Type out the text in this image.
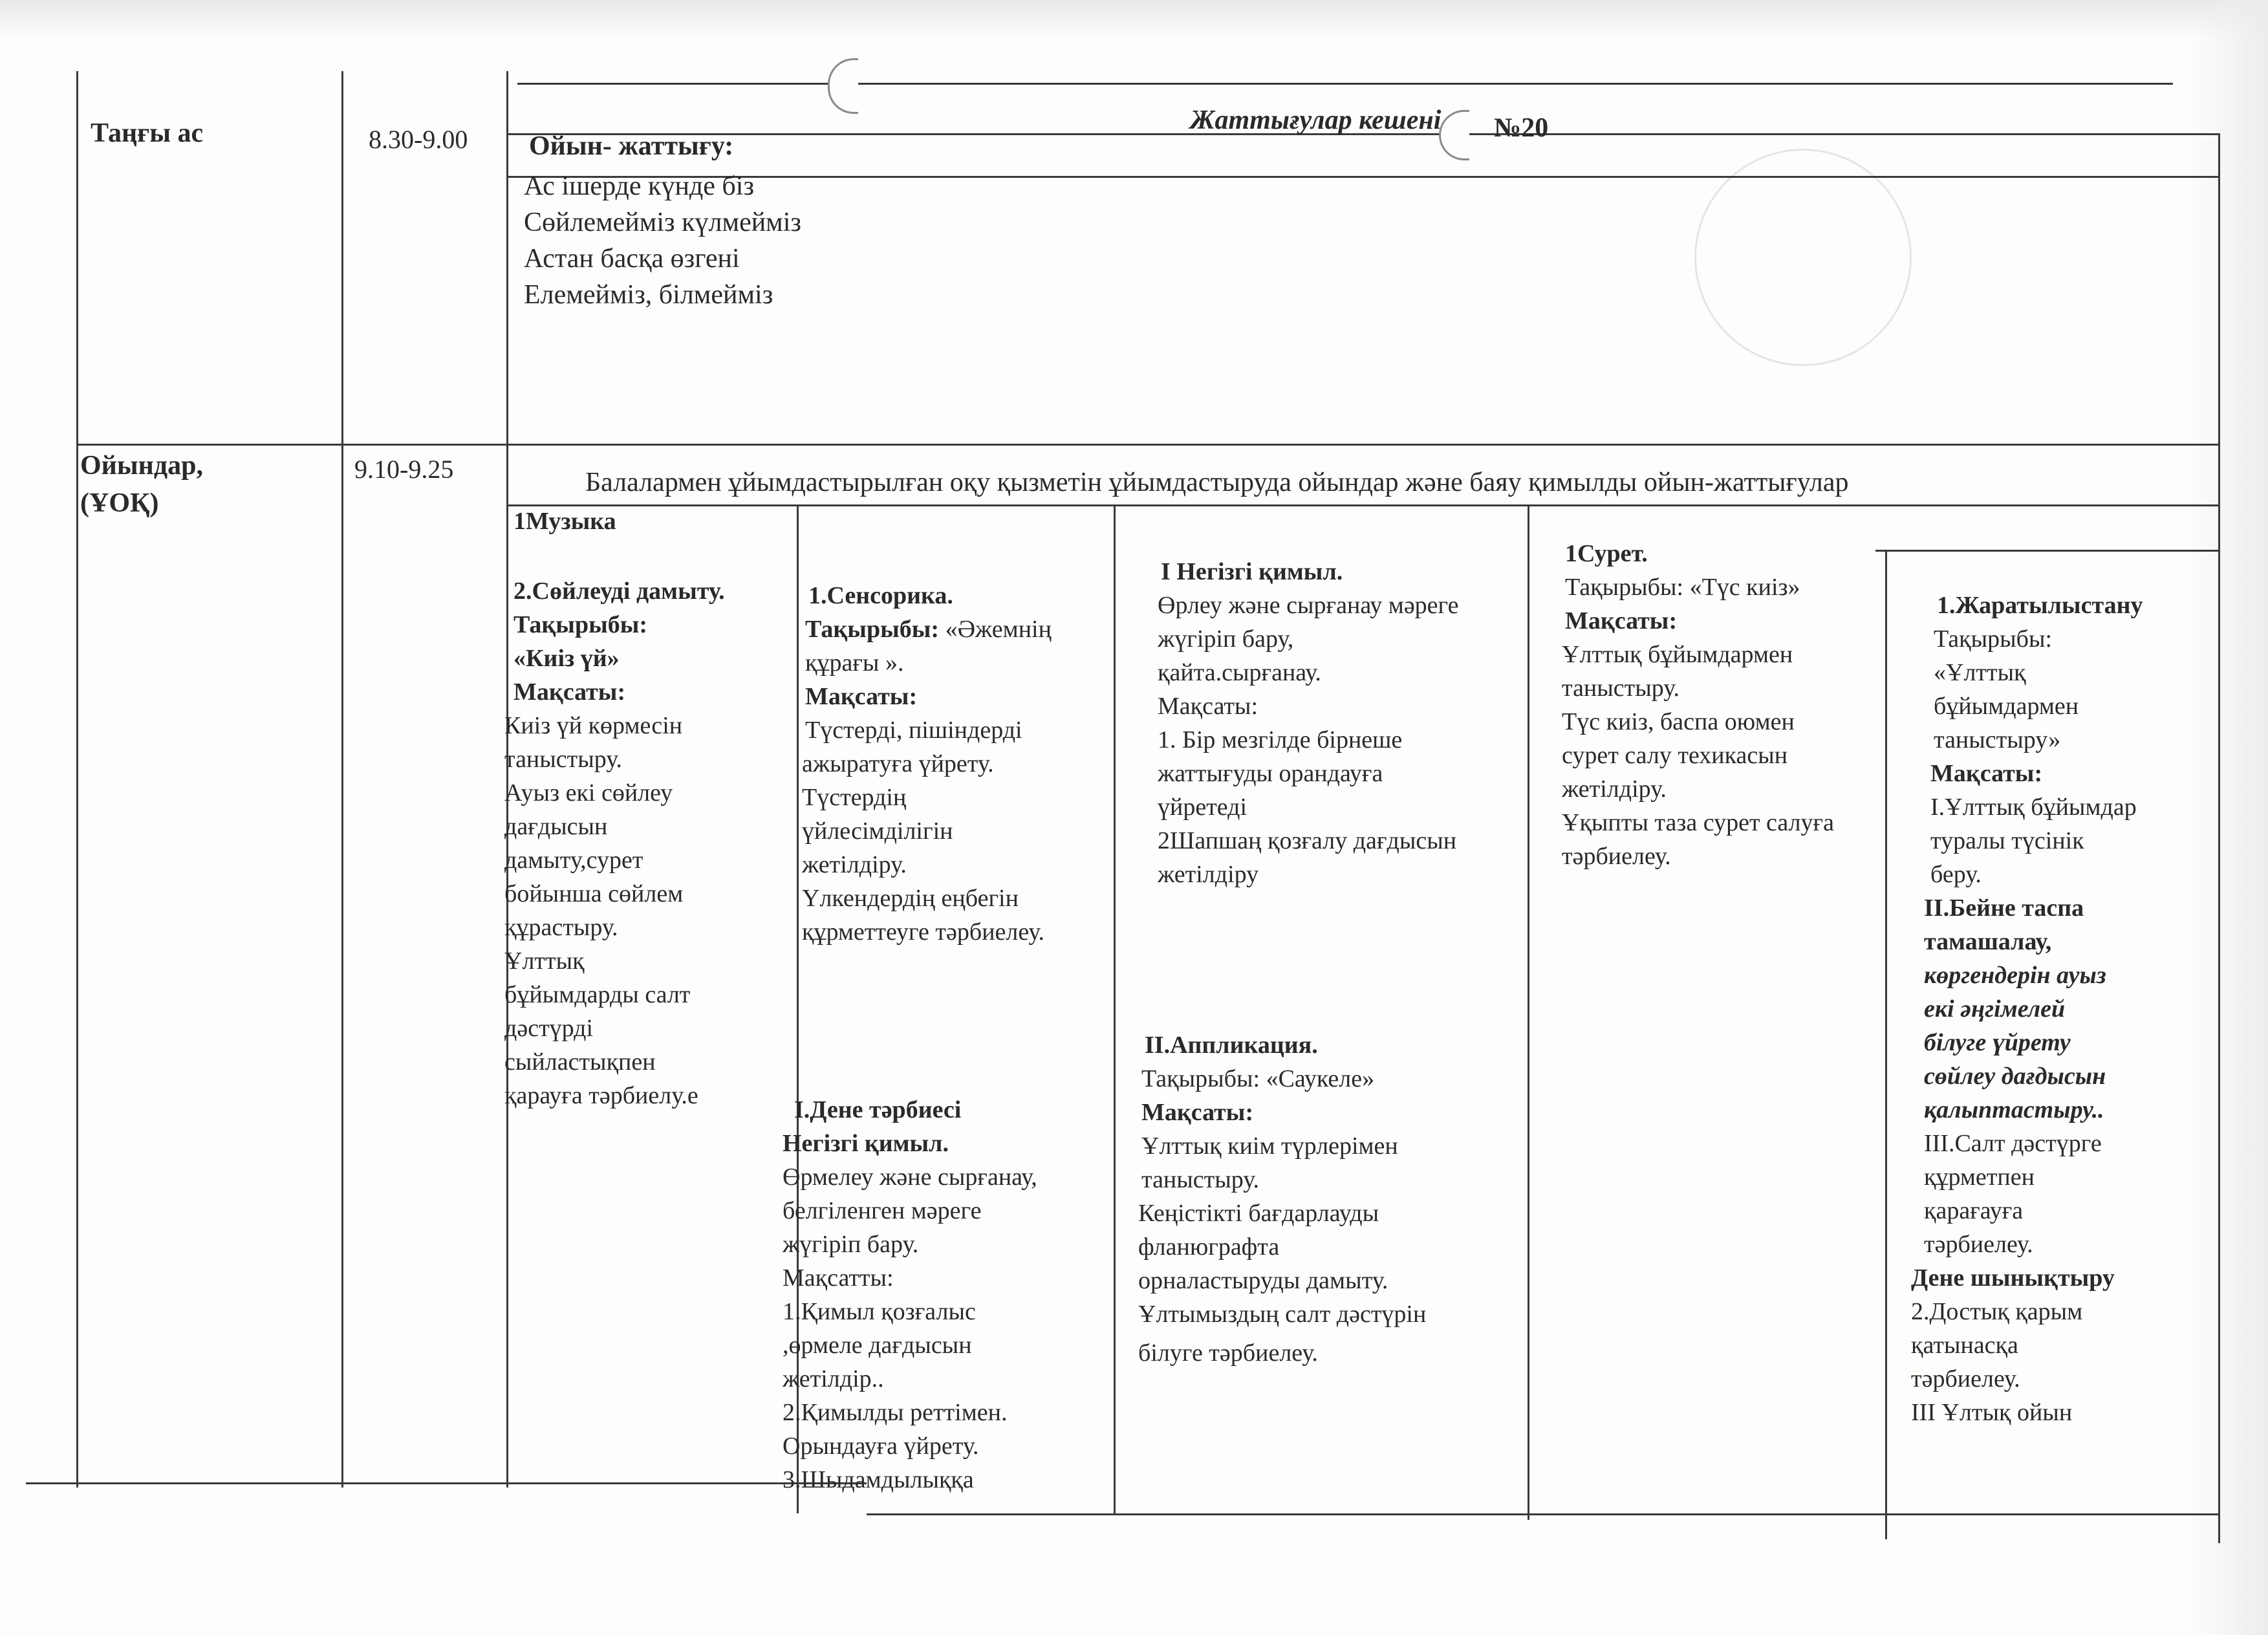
Жаттығулар кешені №20
Таңғы ас	8.30-9.00 Ойын- жаттығу:
Ас ішерде күнде біз
Сөйлемейміз күлмейміз
Астан басқа өзгені
Елемейміз, білмейміз
Ойындар,
(ҰОҚ)
9.10-9.25	Балалармен ұйымдастырылған оқу қызметін ұйымдастыруда ойындар және баяу қимылды ойын-жаттығулар
1Музыка
2.Сөйлеуді дамыту.
Тақырыбы:
«Киіз үй»
Мақсаты:
Киіз үй көрмесін
таныстыру.
Ауыз екі сөйлеу
дағдысын
дамыту,сурет
бойынша сөйлем
құрастыру.
Ұлттық
бұйымдарды салт
дәстүрді
сыйластықпен
қарауға тәрбиелу.е
1.Сенсорика.
Тақырыбы: «Әжемнің
құрағы ».
Мақсаты:
Түстерді, пішіндерді
ажыратуға үйрету.
Түстердің
үйлесімділігін
жетілдіру.
Үлкендердің еңбегін
құрметтеуге тәрбиелеу.
І.Дене тәрбиесі
Негізгі қимыл.
Өрмелеу және сырғанау,
белгіленген мәреге
жүгіріп бару.
Мақсатты:
1.Қимыл қозғалыс
,өрмеле дағдысын
жетілдір..
2.Қимылды реттімен.
Орындауға үйрету.
3.Шыдамдылыққа
І Негізгі қимыл.
Өрлеу және сырғанау мәреге
жүгіріп бару,
қайта.сырғанау.
Мақсаты:
1. Бір мезгілде бірнеше
жаттығуды орандауға
үйретеді
2Шапшаң қозғалу дағдысын
жетілдіру
ІІ.Аппликация.
Тақырыбы: «Саукеле»
Мақсаты:
Ұлттық киім түрлерімен
таныстыру.
Кеңістікті бағдарлауды
фланюграфта
орналастыруды дамыту.
Ұлтымыздың салт дәстүрін
білуге тәрбиелеу.
1Сурет.
Тақырыбы: «Түс киіз»
Мақсаты:
Ұлттық бұйымдармен
таныстыру.
Түс киіз, баспа оюмен
сурет салу техикасын
жетілдіру.
Ұқыпты таза сурет салуға
тәрбиелеу.
1.Жаратылыстану
Тақырыбы:
«Ұлттық
бұйымдармен
таныстыру»
Мақсаты:
І.Ұлттық бұйымдар
туралы түсінік
беру.
ІІ.Бейне таспа
тамашалау,
көргендерін ауыз
екі әңгімелей
білуге үйрету
сөйлеу дағдысын
қалыптастыру..
ІІІ.Салт дәстүрге
құрметпен
қарағауға
тәрбиелеу.
Дене шынықтыру
2.Достық қарым
қатынасқа
тәрбиелеу.
ІІІ Ұлтық ойын
